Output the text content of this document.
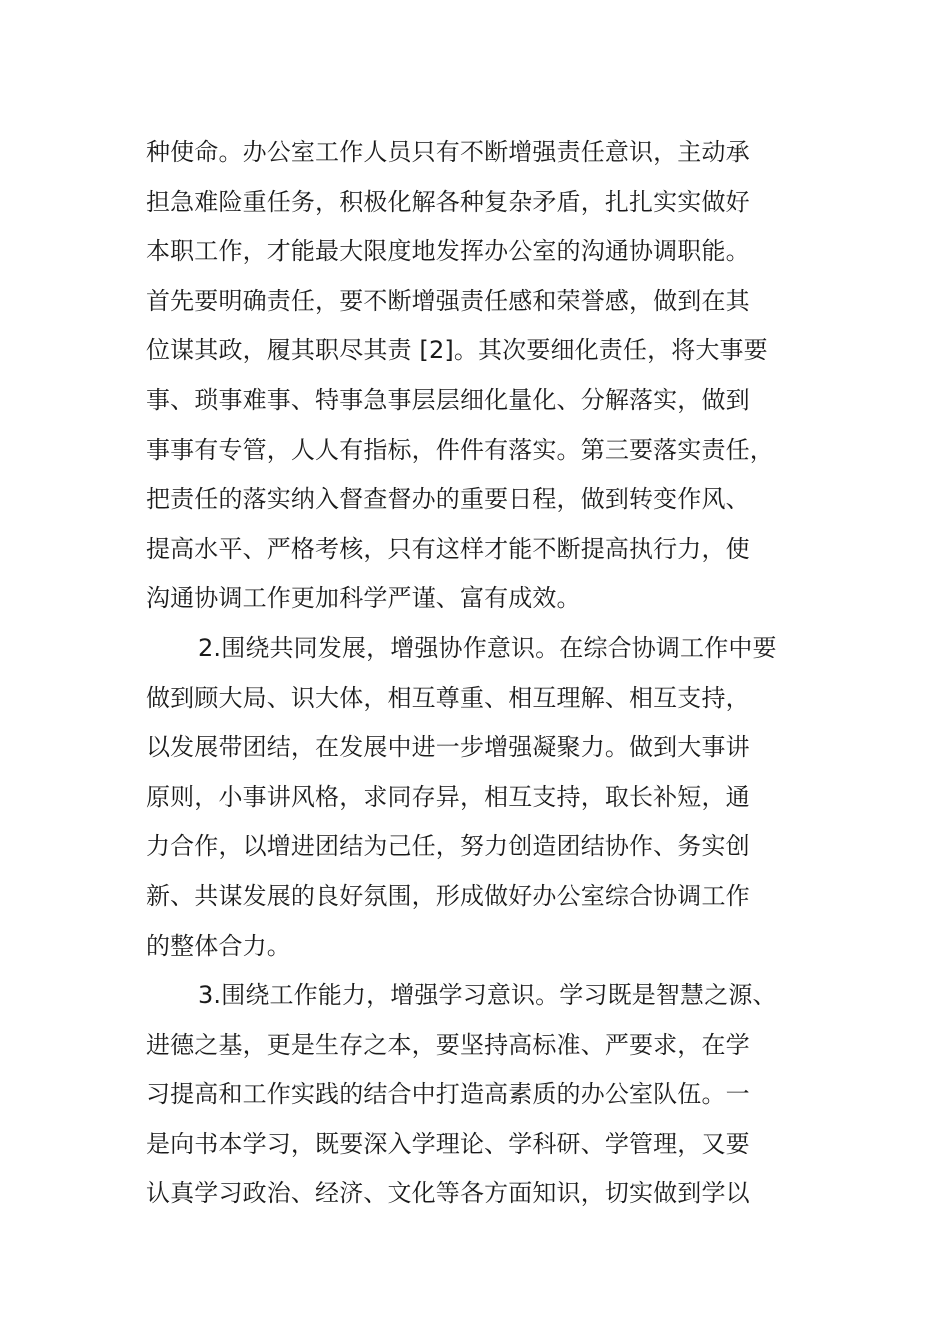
种使命。办公室工作人员只有不断增强责任意识，主动承
担急难险重任务，积极化解各种复杂矛盾，扎扎实实做好
本职工作，才能最大限度地发挥办公室的沟通协调职能。
首先要明确责任，要不断增强责任感和荣誉感，做到在其
位谋其政，履其职尽其责 [2]。其次要细化责任，将大事要
事、琐事难事、特事急事层层细化量化、分解落实，做到
事事有专管，人人有指标，件件有落实。第三要落实责任，
把责任的落实纳入督查督办的重要日程，做到转变作风、
提高水平、严格考核，只有这样才能不断提高执行力，使
沟通协调工作更加科学严谨、富有成效。
2.围绕共同发展，增强协作意识。在综合协调工作中要
做到顾大局、识大体，相互尊重、相互理解、相互支持，
以发展带团结，在发展中进一步增强凝聚力。做到大事讲
原则，小事讲风格，求同存异，相互支持，取长补短，通
力合作，以增进团结为己任，努力创造团结协作、务实创
新、共谋发展的良好氛围，形成做好办公室综合协调工作
的整体合力。
3.围绕工作能力，增强学习意识。学习既是智慧之源、
进德之基，更是生存之本，要坚持高标准、严要求，在学
习提高和工作实践的结合中打造高素质的办公室队伍。一
是向书本学习，既要深入学理论、学科研、学管理，又要
认真学习政治、经济、文化等各方面知识，切实做到学以
